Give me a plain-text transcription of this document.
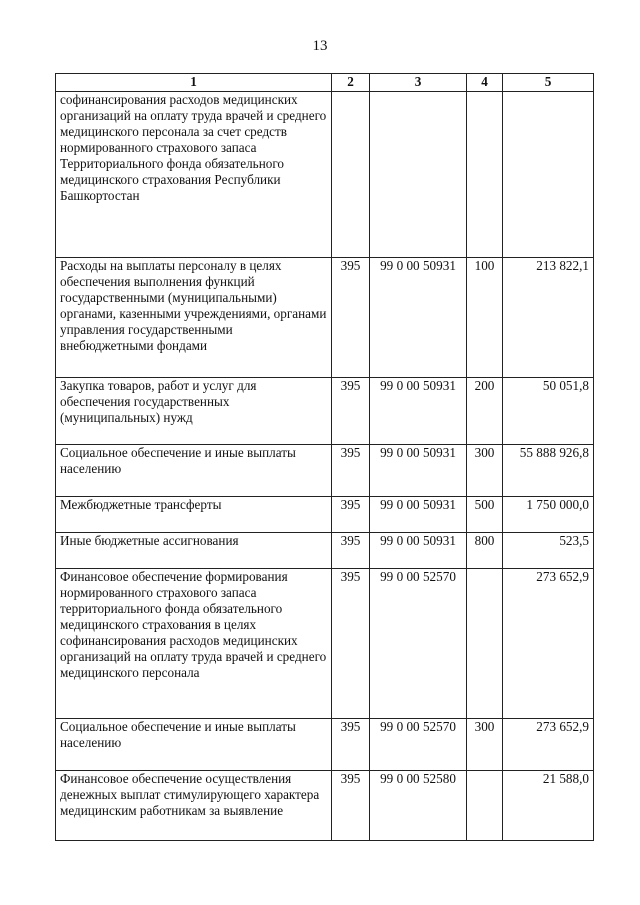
13
1	2	3	4	5
софинансирования расходов медицинских организаций на оплату труда врачей и среднего медицинского персонала за счет средств нормированного страхового запаса Территориального фонда обязательного медицинского страхования Республики Башкортостан				
Расходы на выплаты персоналу в целях обеспечения выполнения функций государственными (муниципальными) органами, казенными учреждениями, органами управления государственными внебюджетными фондами	395	99 0 00 50931	100	213 822,1
Закупка товаров, работ и услуг для обеспечения государственных (муниципальных) нужд	395	99 0 00 50931	200	50 051,8
Социальное обеспечение и иные выплаты населению	395	99 0 00 50931	300	55 888 926,8
Межбюджетные трансферты	395	99 0 00 50931	500	1 750 000,0
Иные бюджетные ассигнования	395	99 0 00 50931	800	523,5
Финансовое обеспечение формирования нормированного страхового запаса территориального фонда обязательного медицинского страхования в целях софинансирования расходов медицинских организаций на оплату труда врачей и среднего медицинского персонала	395	99 0 00 52570		273 652,9
Социальное обеспечение и иные выплаты населению	395	99 0 00 52570	300	273 652,9
Финансовое обеспечение осуществления денежных выплат стимулирующего характера медицинским работникам за выявление	395	99 0 00 52580		21 588,0
